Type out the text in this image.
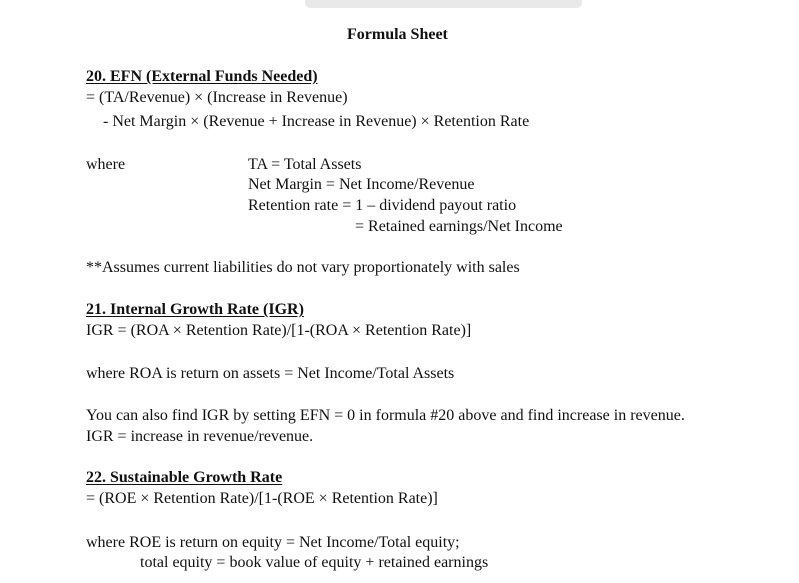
Formula Sheet
20. EFN (External Funds Needed)
= (TA/Revenue) × (Increase in Revenue)
- Net Margin × (Revenue + Increase in Revenue) × Retention Rate
where	TA = Total Assets
Net Margin = Net Income/Revenue
Retention rate = 1 – dividend payout ratio
= Retained earnings/Net Income
**Assumes current liabilities do not vary proportionately with sales
21. Internal Growth Rate (IGR)
IGR = (ROA × Retention Rate)/[1-(ROA × Retention Rate)]
where ROA is return on assets = Net Income/Total Assets
You can also find IGR by setting EFN = 0 in formula #20 above and find increase in revenue.
IGR = increase in revenue/revenue.
22. Sustainable Growth Rate
= (ROE × Retention Rate)/[1-(ROE × Retention Rate)]
where ROE is return on equity = Net Income/Total equity;
total equity = book value of equity + retained earnings
